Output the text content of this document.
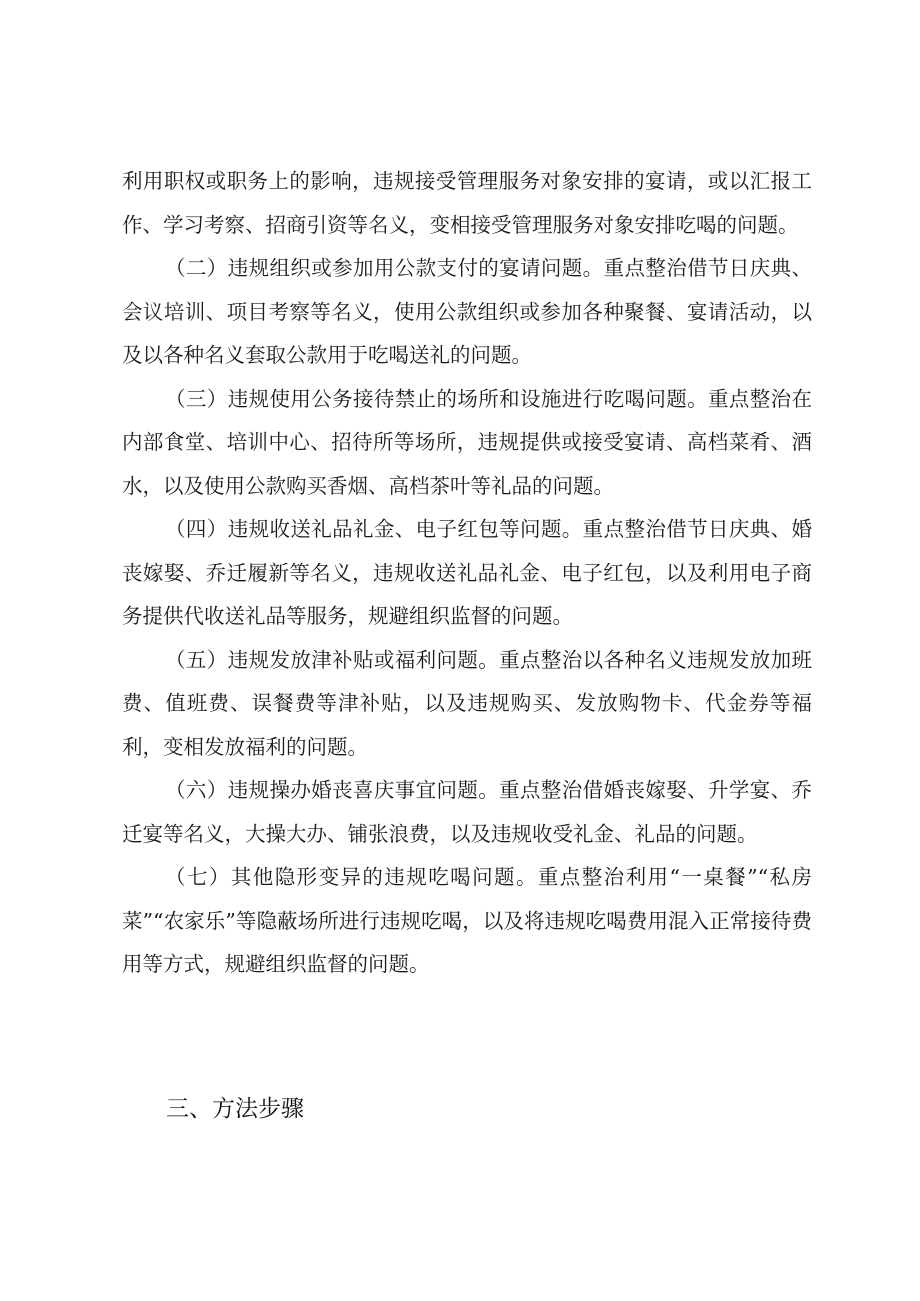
利用职权或职务上的影响，违规接受管理服务对象安排的宴请，或以汇报工作、学习考察、招商引资等名义，变相接受管理服务对象安排吃喝的问题。

（二）违规组织或参加用公款支付的宴请问题。重点整治借节日庆典、会议培训、项目考察等名义，使用公款组织或参加各种聚餐、宴请活动，以及以各种名义套取公款用于吃喝送礼的问题。

（三）违规使用公务接待禁止的场所和设施进行吃喝问题。重点整治在内部食堂、培训中心、招待所等场所，违规提供或接受宴请、高档菜肴、酒水，以及使用公款购买香烟、高档茶叶等礼品的问题。

（四）违规收送礼品礼金、电子红包等问题。重点整治借节日庆典、婚丧嫁娶、乔迁履新等名义，违规收送礼品礼金、电子红包，以及利用电子商务提供代收送礼品等服务，规避组织监督的问题。

（五）违规发放津补贴或福利问题。重点整治以各种名义违规发放加班费、值班费、误餐费等津补贴，以及违规购买、发放购物卡、代金券等福利，变相发放福利的问题。

（六）违规操办婚丧喜庆事宜问题。重点整治借婚丧嫁娶、升学宴、乔迁宴等名义，大操大办、铺张浪费，以及违规收受礼金、礼品的问题。

（七）其他隐形变异的违规吃喝问题。重点整治利用“一桌餐”“私房菜”“农家乐”等隐蔽场所进行违规吃喝，以及将违规吃喝费用混入正常接待费用等方式，规避组织监督的问题。

三、方法步骤
